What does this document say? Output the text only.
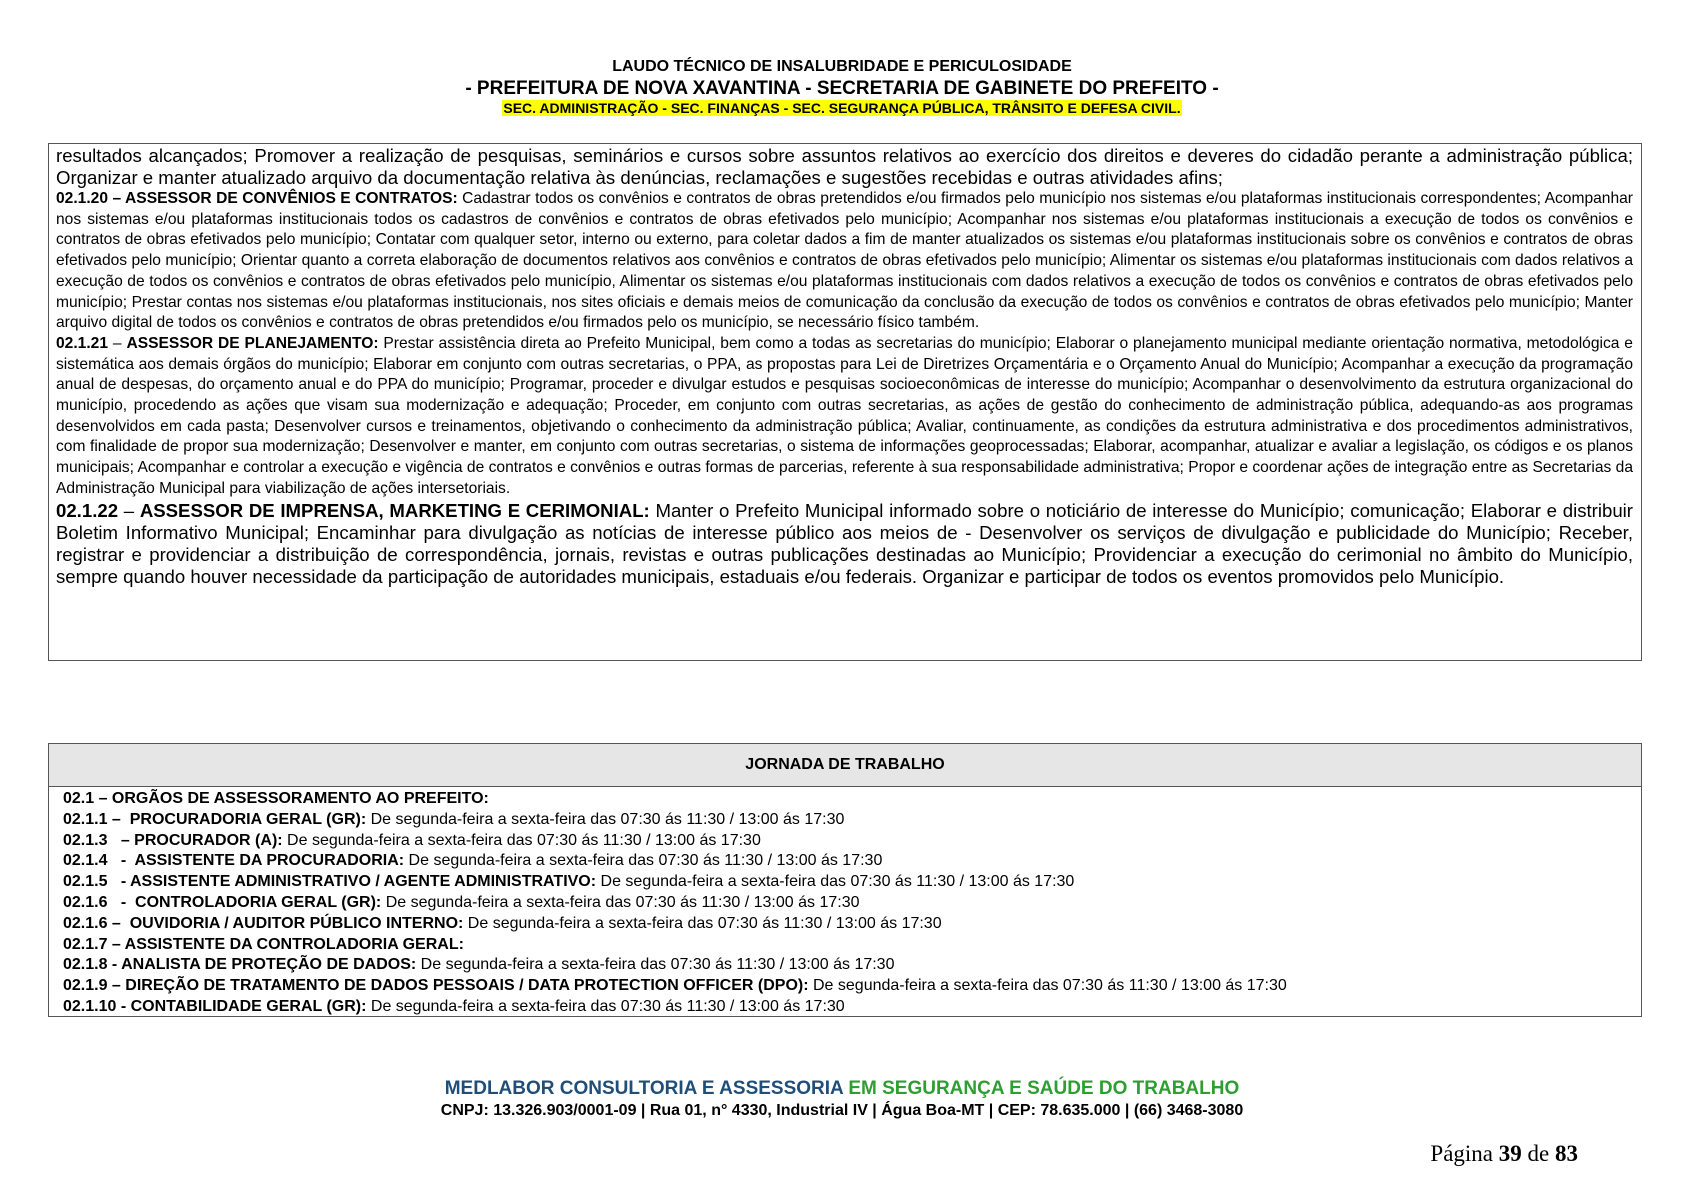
LAUDO TÉCNICO DE INSALUBRIDADE E PERICULOSIDADE
- PREFEITURA DE NOVA XAVANTINA - SECRETARIA DE GABINETE DO PREFEITO -
SEC. ADMINISTRAÇÃO - SEC. FINANÇAS - SEC. SEGURANÇA PÚBLICA, TRÂNSITO E DEFESA CIVIL.
resultados alcançados; Promover a realização de pesquisas, seminários e cursos sobre assuntos relativos ao exercício dos direitos e deveres do cidadão perante a administração pública; Organizar e manter atualizado arquivo da documentação relativa às denúncias, reclamações e sugestões recebidas e outras atividades afins;
02.1.20 – ASSESSOR DE CONVÊNIOS E CONTRATOS: Cadastrar todos os convênios e contratos de obras pretendidos e/ou firmados pelo município nos sistemas e/ou plataformas institucionais correspondentes; Acompanhar nos sistemas e/ou plataformas institucionais todos os cadastros de convênios e contratos de obras efetivados pelo município; Acompanhar nos sistemas e/ou plataformas institucionais a execução de todos os convênios e contratos de obras efetivados pelo município; Contatar com qualquer setor, interno ou externo, para coletar dados a fim de manter atualizados os sistemas e/ou plataformas institucionais sobre os convênios e contratos de obras efetivados pelo município; Orientar quanto a correta elaboração de documentos relativos aos convênios e contratos de obras efetivados pelo município; Alimentar os sistemas e/ou plataformas institucionais com dados relativos a execução de todos os convênios e contratos de obras efetivados pelo município, Alimentar os sistemas e/ou plataformas institucionais com dados relativos a execução de todos os convênios e contratos de obras efetivados pelo município; Prestar contas nos sistemas e/ou plataformas institucionais, nos sites oficiais e demais meios de comunicação da conclusão da execução de todos os convênios e contratos de obras efetivados pelo município; Manter arquivo digital de todos os convênios e contratos de obras pretendidos e/ou firmados pelo os município, se necessário físico também.
02.1.21 – ASSESSOR DE PLANEJAMENTO: Prestar assistência direta ao Prefeito Municipal, bem como a todas as secretarias do município; Elaborar o planejamento municipal mediante orientação normativa, metodológica e sistemática aos demais órgãos do município; Elaborar em conjunto com outras secretarias, o PPA, as propostas para Lei de Diretrizes Orçamentária e o Orçamento Anual do Município; Acompanhar a execução da programação anual de despesas, do orçamento anual e do PPA do município; Programar, proceder e divulgar estudos e pesquisas socioeconômicas de interesse do município; Acompanhar o desenvolvimento da estrutura organizacional do município, procedendo as ações que visam sua modernização e adequação; Proceder, em conjunto com outras secretarias, as ações de gestão do conhecimento de administração pública, adequando-as aos programas desenvolvidos em cada pasta; Desenvolver cursos e treinamentos, objetivando o conhecimento da administração pública; Avaliar, continuamente, as condições da estrutura administrativa e dos procedimentos administrativos, com finalidade de propor sua modernização; Desenvolver e manter, em conjunto com outras secretarias, o sistema de informações geoprocessadas; Elaborar, acompanhar, atualizar e avaliar a legislação, os códigos e os planos municipais; Acompanhar e controlar a execução e vigência de contratos e convênios e outras formas de parcerias, referente à sua responsabilidade administrativa; Propor e coordenar ações de integração entre as Secretarias da Administração Municipal para viabilização de ações intersetoriais.
02.1.22 – ASSESSOR DE IMPRENSA, MARKETING E CERIMONIAL: Manter o Prefeito Municipal informado sobre o noticiário de interesse do Município; comunicação; Elaborar e distribuir Boletim Informativo Municipal; Encaminhar para divulgação as notícias de interesse público aos meios de - Desenvolver os serviços de divulgação e publicidade do Município; Receber, registrar e providenciar a distribuição de correspondência, jornais, revistas e outras publicações destinadas ao Município; Providenciar a execução do cerimonial no âmbito do Município, sempre quando houver necessidade da participação de autoridades municipais, estaduais e/ou federais. Organizar e participar de todos os eventos promovidos pelo Município.
JORNADA DE TRABALHO
02.1 – ORGÃOS DE ASSESSORAMENTO AO PREFEITO:
02.1.1 –  PROCURADORIA GERAL (GR): De segunda-feira a sexta-feira das 07:30 ás 11:30 / 13:00 ás 17:30
02.1.3   – PROCURADOR (A): De segunda-feira a sexta-feira das 07:30 ás 11:30 / 13:00 ás 17:30
02.1.4   -  ASSISTENTE DA PROCURADORIA: De segunda-feira a sexta-feira das 07:30 ás 11:30 / 13:00 ás 17:30
02.1.5   - ASSISTENTE ADMINISTRATIVO / AGENTE ADMINISTRATIVO: De segunda-feira a sexta-feira das 07:30 ás 11:30 / 13:00 ás 17:30
02.1.6   -  CONTROLADORIA GERAL (GR): De segunda-feira a sexta-feira das 07:30 ás 11:30 / 13:00 ás 17:30
02.1.6 –  OUVIDORIA / AUDITOR PÚBLICO INTERNO: De segunda-feira a sexta-feira das 07:30 ás 11:30 / 13:00 ás 17:30
02.1.7 – ASSISTENTE DA CONTROLADORIA GERAL:
02.1.8 - ANALISTA DE PROTEÇÃO DE DADOS: De segunda-feira a sexta-feira das 07:30 ás 11:30 / 13:00 ás 17:30
02.1.9 – DIREÇÃO DE TRATAMENTO DE DADOS PESSOAIS / DATA PROTECTION OFFICER (DPO): De segunda-feira a sexta-feira das 07:30 ás 11:30 / 13:00 ás 17:30
02.1.10 - CONTABILIDADE GERAL (GR): De segunda-feira a sexta-feira das 07:30 ás 11:30 / 13:00 ás 17:30
MEDLABOR CONSULTORIA E ASSESSORIA EM SEGURANÇA E SAÚDE DO TRABALHO
CNPJ: 13.326.903/0001-09 | Rua 01, n° 4330, Industrial IV | Água Boa-MT | CEP: 78.635.000 | (66) 3468-3080
Página 39 de 83
